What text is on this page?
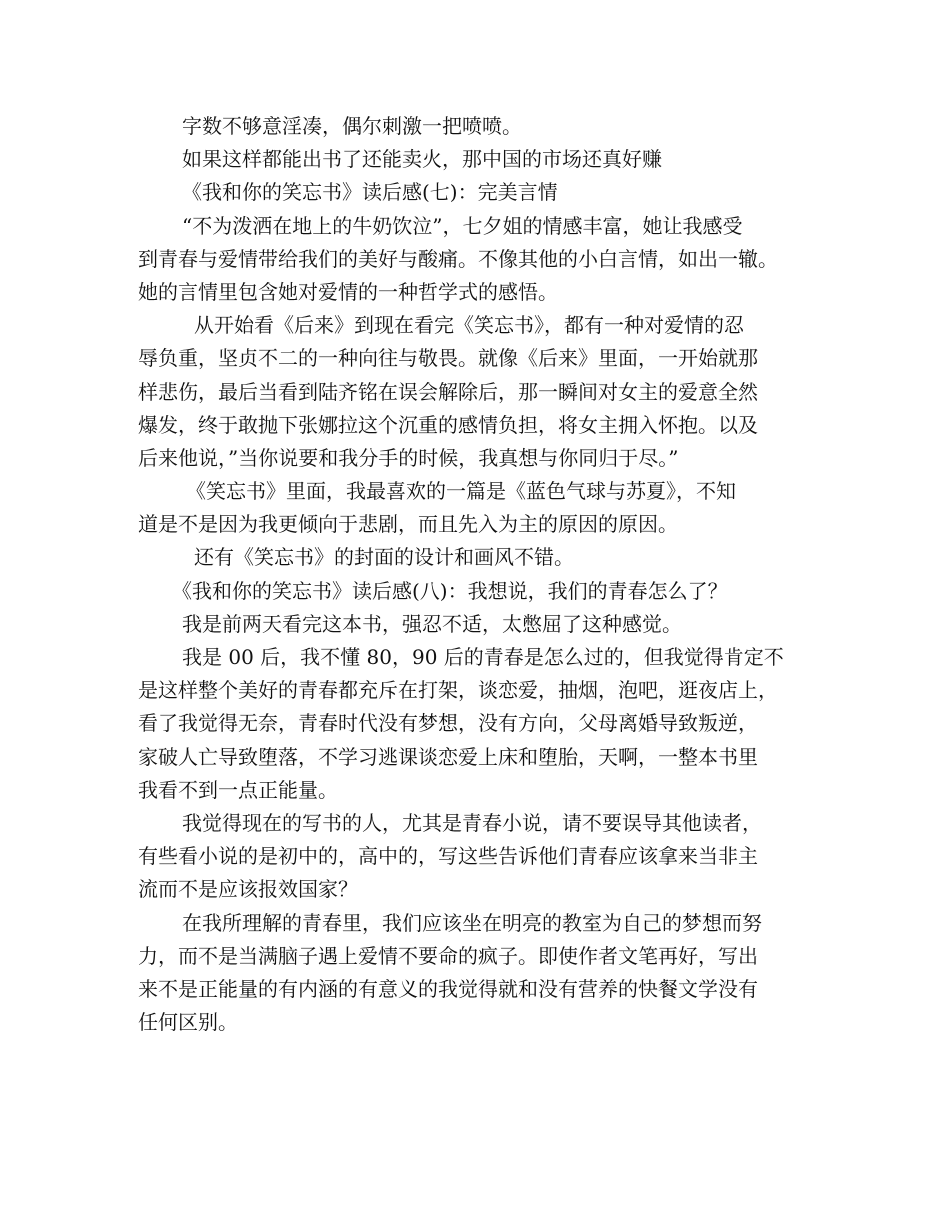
字数不够意淫凑，偶尔刺激一把喷喷。
如果这样都能出书了还能卖火，那中国的市场还真好赚
《我和你的笑忘书》读后感(七)：完美言情
“不为泼洒在地上的牛奶饮泣”，七夕姐的情感丰富，她让我感受
到青春与爱情带给我们的美好与酸痛。不像其他的小白言情，如出一辙。
她的言情里包含她对爱情的一种哲学式的感悟。
从开始看《后来》到现在看完《笑忘书》，都有一种对爱情的忍
辱负重，坚贞不二的一种向往与敬畏。就像《后来》里面，一开始就那
样悲伤，最后当看到陆齐铭在误会解除后，那一瞬间对女主的爱意全然
爆发，终于敢抛下张娜拉这个沉重的感情负担，将女主拥入怀抱。以及
后来他说，”当你说要和我分手的时候，我真想与你同归于尽。”
《笑忘书》里面，我最喜欢的一篇是《蓝色气球与苏夏》，不知
道是不是因为我更倾向于悲剧，而且先入为主的原因的原因。
还有《笑忘书》的封面的设计和画风不错。
《我和你的笑忘书》读后感(八)：我想说，我们的青春怎么了？
我是前两天看完这本书，强忍不适，太憋屈了这种感觉。
我是 00 后，我不懂 80，90 后的青春是怎么过的，但我觉得肯定不
是这样整个美好的青春都充斥在打架，谈恋爱，抽烟，泡吧，逛夜店上，
看了我觉得无奈，青春时代没有梦想，没有方向，父母离婚导致叛逆，
家破人亡导致堕落，不学习逃课谈恋爱上床和堕胎，天啊，一整本书里
我看不到一点正能量。
我觉得现在的写书的人，尤其是青春小说，请不要误导其他读者，
有些看小说的是初中的，高中的，写这些告诉他们青春应该拿来当非主
流而不是应该报效国家？
在我所理解的青春里，我们应该坐在明亮的教室为自己的梦想而努
力，而不是当满脑子遇上爱情不要命的疯子。即使作者文笔再好，写出
来不是正能量的有内涵的有意义的我觉得就和没有营养的快餐文学没有
任何区别。
